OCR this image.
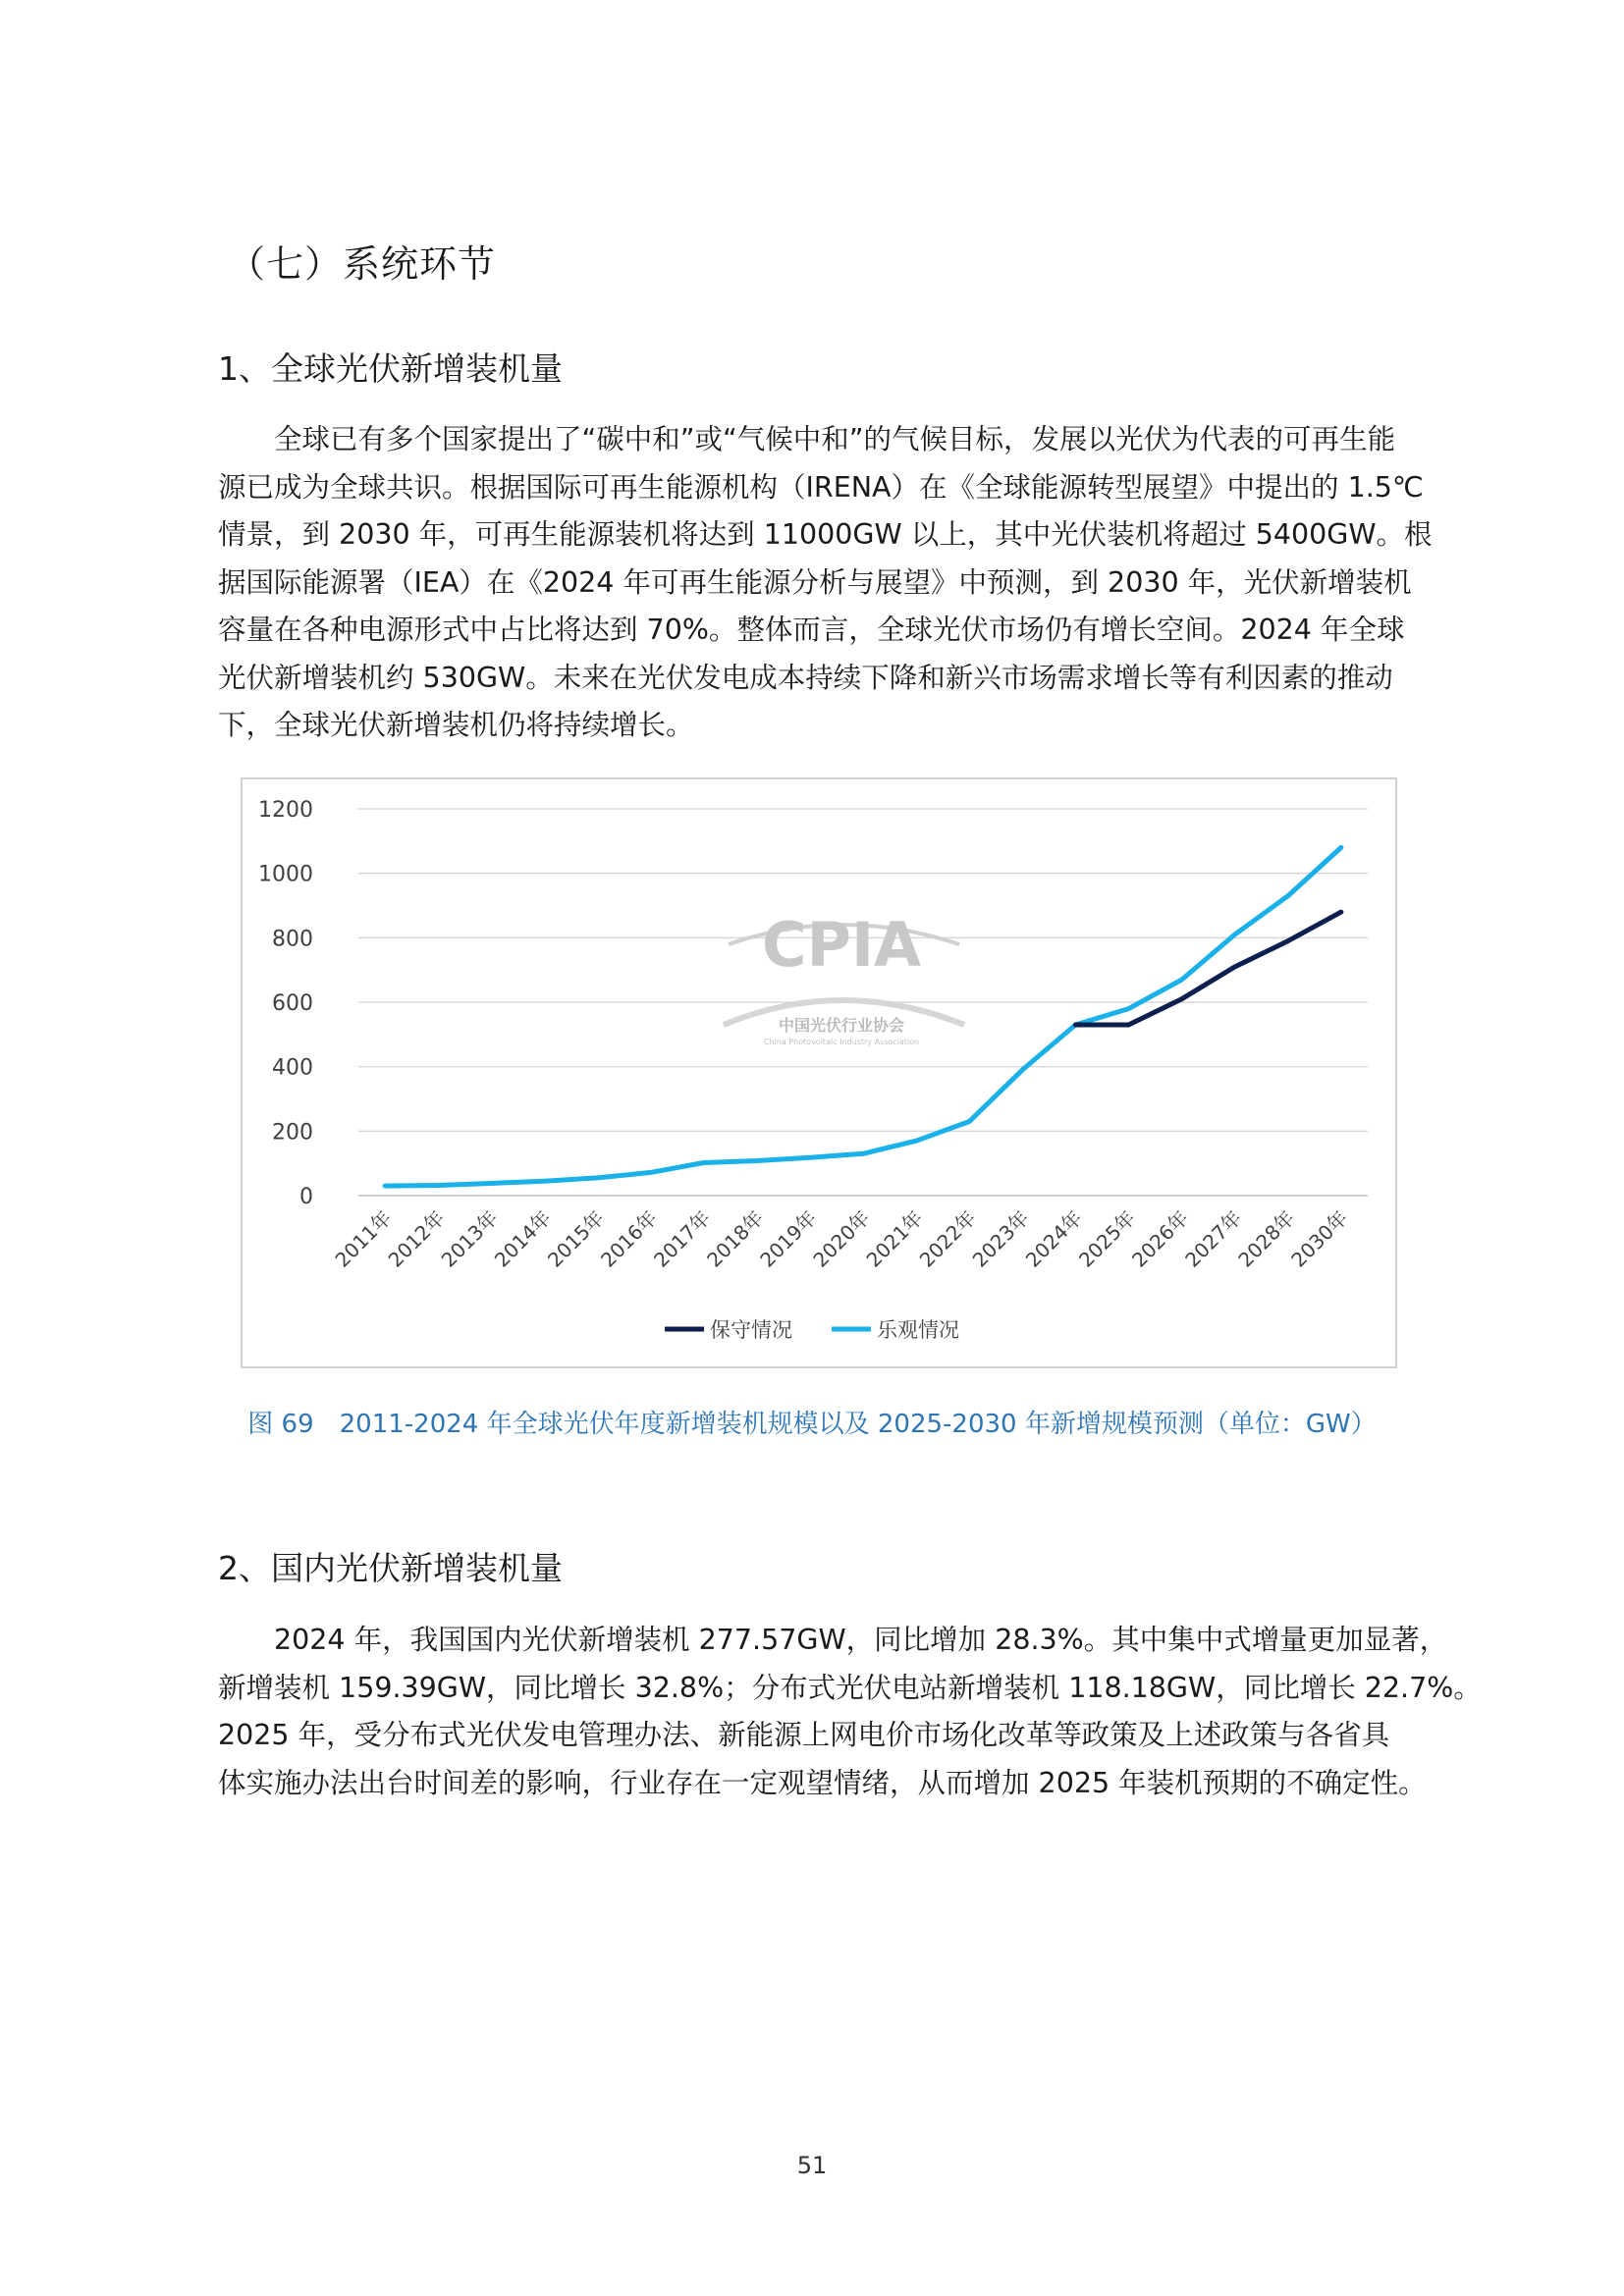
（七）系统环节
1、全球光伏新增装机量
　　全球已有多个国家提出了“碳中和”或“气候中和”的气候目标，发展以光伏为代表的可再生能
源已成为全球共识。根据国际可再生能源机构（IRENA）在《全球能源转型展望》中提出的 1.5℃
情景，到 2030 年，可再生能源装机将达到 11000GW 以上，其中光伏装机将超过 5400GW。根
据国际能源署（IEA）在《2024 年可再生能源分析与展望》中预测，到 2030 年，光伏新增装机
容量在各种电源形式中占比将达到 70%。整体而言，全球光伏市场仍有增长空间。2024 年全球
光伏新增装机约 530GW。未来在光伏发电成本持续下降和新兴市场需求增长等有利因素的推动
下，全球光伏新增装机仍将持续增长。
0
200
400
600
800
1000
1200
2011年
2012年
2013年
2014年
2015年
2016年
2017年
2018年
2019年
2020年
2021年
2022年
2023年
2024年
2025年
2026年
2027年
2028年
2030年
CPIA
中国光伏行业协会
China Photovoltaic Industry Association
保守情况	乐观情况
图 69　2011-2024 年全球光伏年度新增装机规模以及 2025-2030 年新增规模预测（单位：GW）
2、国内光伏新增装机量
　　2024 年，我国国内光伏新增装机 277.57GW，同比增加 28.3%。其中集中式增量更加显著，
新增装机 159.39GW，同比增长 32.8%；分布式光伏电站新增装机 118.18GW，同比增长 22.7%。
2025 年，受分布式光伏发电管理办法、新能源上网电价市场化改革等政策及上述政策与各省具
体实施办法出台时间差的影响，行业存在一定观望情绪，从而增加 2025 年装机预期的不确定性。
51
